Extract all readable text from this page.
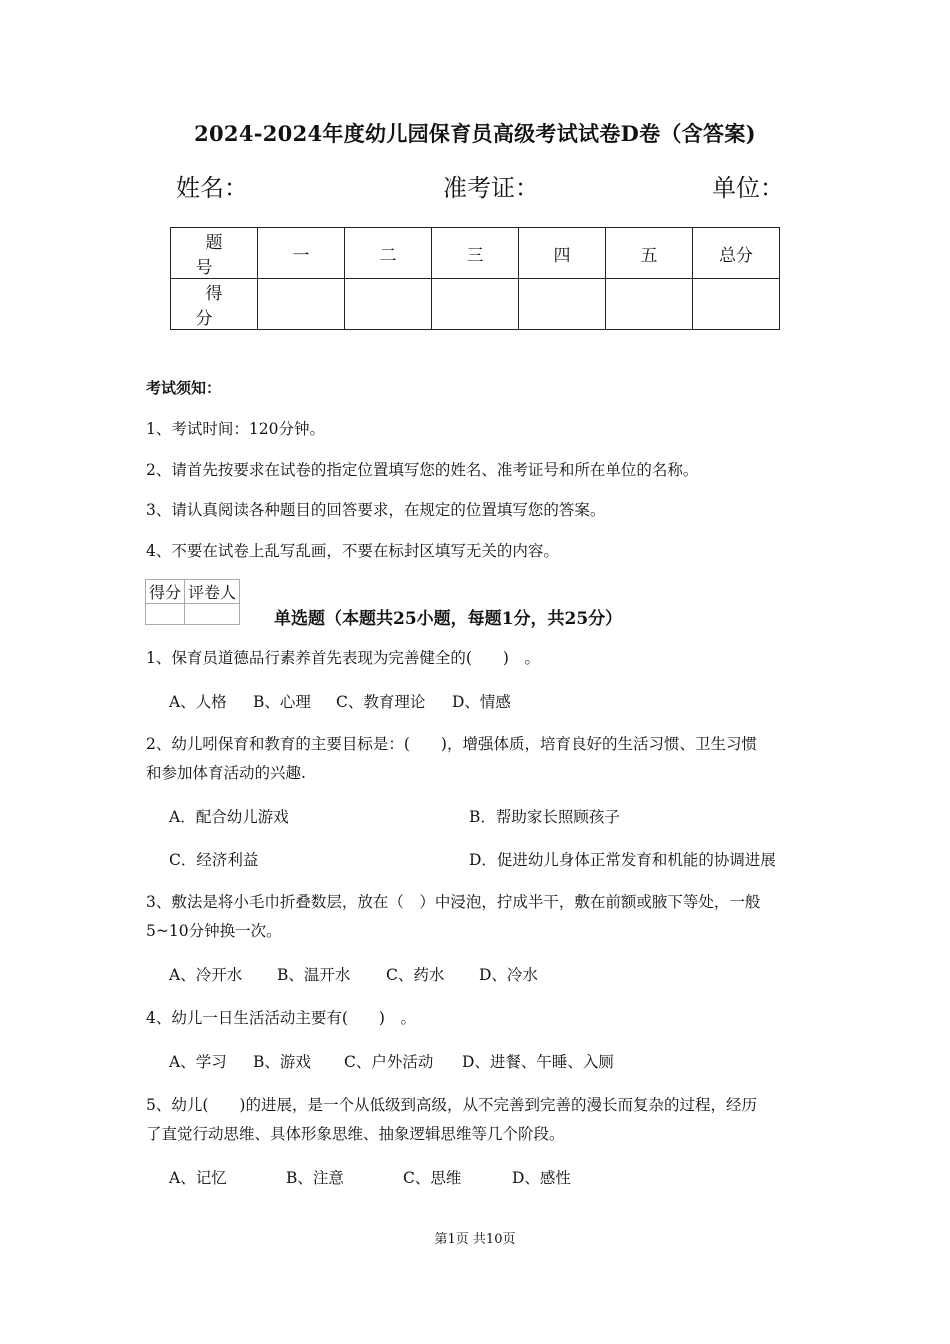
2024-2024年度幼儿园保育员高级考试试卷D卷（含答案)
姓名：	准考证：	单位：
题　号	一	二	三	四	五	总分
得　分						
考试须知：
1、考试时间：120分钟。
2、请首先按要求在试卷的指定位置填写您的姓名、准考证号和所在单位的名称。
3、请认真阅读各种题目的回答要求，在规定的位置填写您的答案。
4、不要在试卷上乱写乱画，不要在标封区填写无关的内容。
得分	评卷人

单选题（本题共25小题，每题1分，共25分）
1、保育员道德品行素养首先表现为完善健全的(　　)　。
A、人格 B、心理 C、教育理论 D、情感
2、幼儿吲保育和教育的主要目标是：(　　)，增强体质，培育良好的生活习惯、卫生习惯
和参加体育活动的兴趣.
A．配合幼儿游戏	B．帮助家长照顾孩子
C．经济利益	D．促进幼儿身体正常发育和机能的协调进展
3、敷法是将小毛巾折叠数层，放在（　）中浸泡，拧成半干，敷在前额或腋下等处，一般
5~10分钟换一次。
A、冷开水 B、温开水 C、药水 D、冷水
4、幼儿一日生活活动主要有(　　)　。
A、学习 B、游戏 C、户外活动 D、进餐、午睡、入厕
5、幼儿(　　)的进展，是一个从低级到高级，从不完善到完善的漫长而复杂的过程，经历
了直觉行动思维、具体形象思维、抽象逻辑思维等几个阶段。
A、记忆	B、注意	C、思维	D、感性
第1页 共10页
